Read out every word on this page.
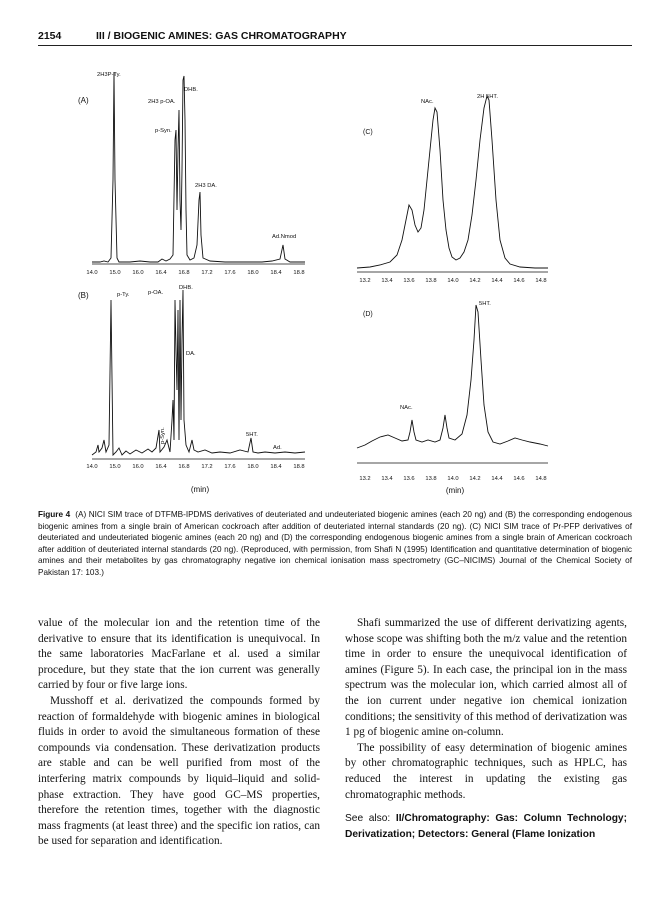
2154	III / BIOGENIC AMINES: GAS CHROMATOGRAPHY
(A)
2H3P-Ty.
2H3 p-OA.
DHB.
p-Syn.
2H3 DA.
Ad.Nmod
14.0 15.0 16.0 16.4 16.8 17.2 17.6 18.0 18.4 18.8
(B)	p-Ty.	p-OA.
DHB.
DA.
p-Syn.	5HT.
Ad.
14.0 15.0 16.0 16.4 16.8 17.2 17.6 18.0 18.4 18.8
(min)
(C)
NAc.
2H 5HT.
13.2 13.4 13.6 13.8 14.0 14.2 14.4 14.6 14.8
(D)
5HT.
NAc.
13.2 13.4 13.6 13.8 14.0 14.2 14.4 14.6 14.8
(min)
Figure 4 (A) NICI SIM trace of DTFMB-IPDMS derivatives of deuteriated and undeuteriated biogenic amines (each 20 ng) and (B) the corresponding endogenous biogenic amines from a single brain of American cockroach after addition of deuteriated internal standards (20 ng). (C) NICI SIM trace of Pr-PFP derivatives of deuteriated and undeuteriated biogenic amines (each 20 ng) and (D) the corresponding endogenous biogenic amines from a single brain of American cockroach after addition of deuteriated internal standards (20 ng). (Reproduced, with permission, from Shafi N (1995) Identification and quantitative determination of biogenic amines and their metabolites by gas chromatography negative ion chemical ionisation mass spectrometry (GC–NICIMS) Journal of the Chemical Society of Pakistan 17: 103.)

value of the molecular ion and the retention time of the derivative to ensure that its identification is unequivocal. In the same laboratories MacFarlane et al. used a similar procedure, but they state that the ion current was generally carried by four or five large ions.

Musshoff et al. derivatized the compounds formed by reaction of formaldehyde with biogenic amines in biological fluids in order to avoid the simultaneous formation of these compounds via condensation. These derivatization products are stable and can be well purified from most of the interfering matrix compounds by liquid–liquid and solid-phase extraction. They have good GC–MS properties, therefore the retention times, together with the diagnostic mass fragments (at least three) and the specific ion ratios, can be used for separation and identification.

Shafi summarized the use of different derivatizing agents, whose scope was shifting both the m/z value and the retention time in order to ensure the unequivocal identification of amines (Figure 5). In each case, the principal ion in the mass spectrum was the molecular ion, which carried almost all of the ion current under negative ion chemical ionization conditions; the sensitivity of this method of derivatization was 1 pg of biogenic amine on-column.

The possibility of easy determination of biogenic amines by other chromatographic techniques, such as HPLC, has reduced the interest in updating the existing gas chromatographic methods.

See also: II/Chromatography: Gas: Column Technology; Derivatization; Detectors: General (Flame Ionization
